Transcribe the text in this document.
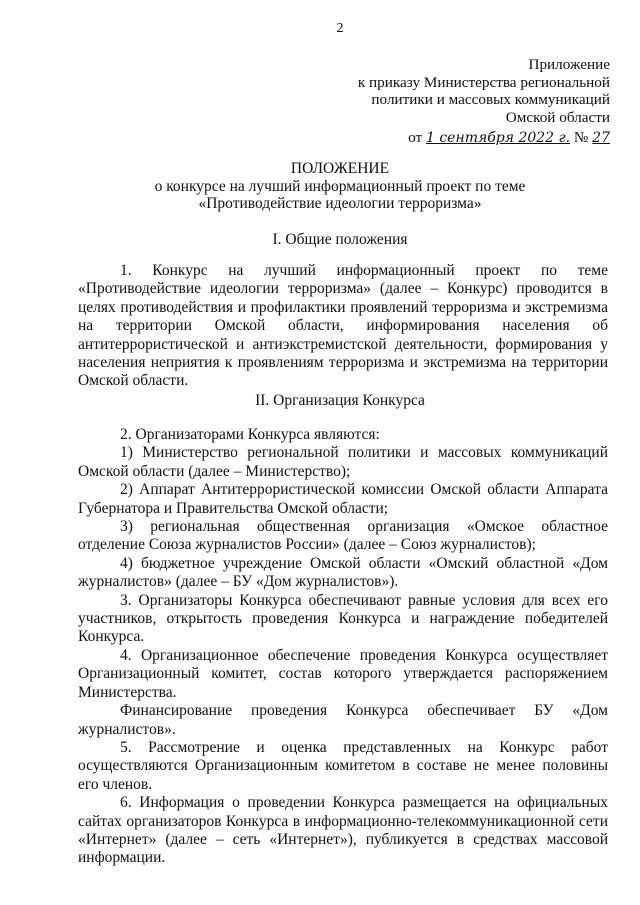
2
Приложение
к приказу Министерства региональной
политики и массовых коммуникаций
Омской области
от 1 сентября 2022 г. № 27
ПОЛОЖЕНИЕ
о конкурсе на лучший информационный проект по теме
«Противодействие идеологии терроризма»
I. Общие положения

1. Конкурс на лучший информационный проект по теме «Противодействие идеологии терроризма» (далее – Конкурс) проводится в целях противодействия и профилактики проявлений терроризма и экстремизма на территории Омской области, информирования населения об антитеррористической и антиэкстремистской деятельности, формирования у населения неприятия к проявлениям терроризма и экстремизма на территории Омской области.

II. Организация Конкурса

2. Организаторами Конкурса являются:

1) Министерство региональной политики и массовых коммуникаций Омской области (далее – Министерство);

2) Аппарат Антитеррористической комиссии Омской области Аппарата Губернатора и Правительства Омской области;

3) региональная общественная организация «Омское областное отделение Союза журналистов России» (далее – Союз журналистов);

4) бюджетное учреждение Омской области «Омский областной «Дом журналистов» (далее – БУ «Дом журналистов»).

3. Организаторы Конкурса обеспечивают равные условия для всех его участников, открытость проведения Конкурса и награждение победителей Конкурса.

4. Организационное обеспечение проведения Конкурса осуществляет Организационный комитет, состав которого утверждается распоряжением Министерства.

Финансирование проведения Конкурса обеспечивает БУ «Дом журналистов».

5. Рассмотрение и оценка представленных на Конкурс работ осуществляются Организационным комитетом в составе не менее половины его членов.

6. Информация о проведении Конкурса размещается на официальных сайтах организаторов Конкурса в информационно-телекоммуникационной сети «Интернет» (далее – сеть «Интернет»), публикуется в средствах массовой информации.
